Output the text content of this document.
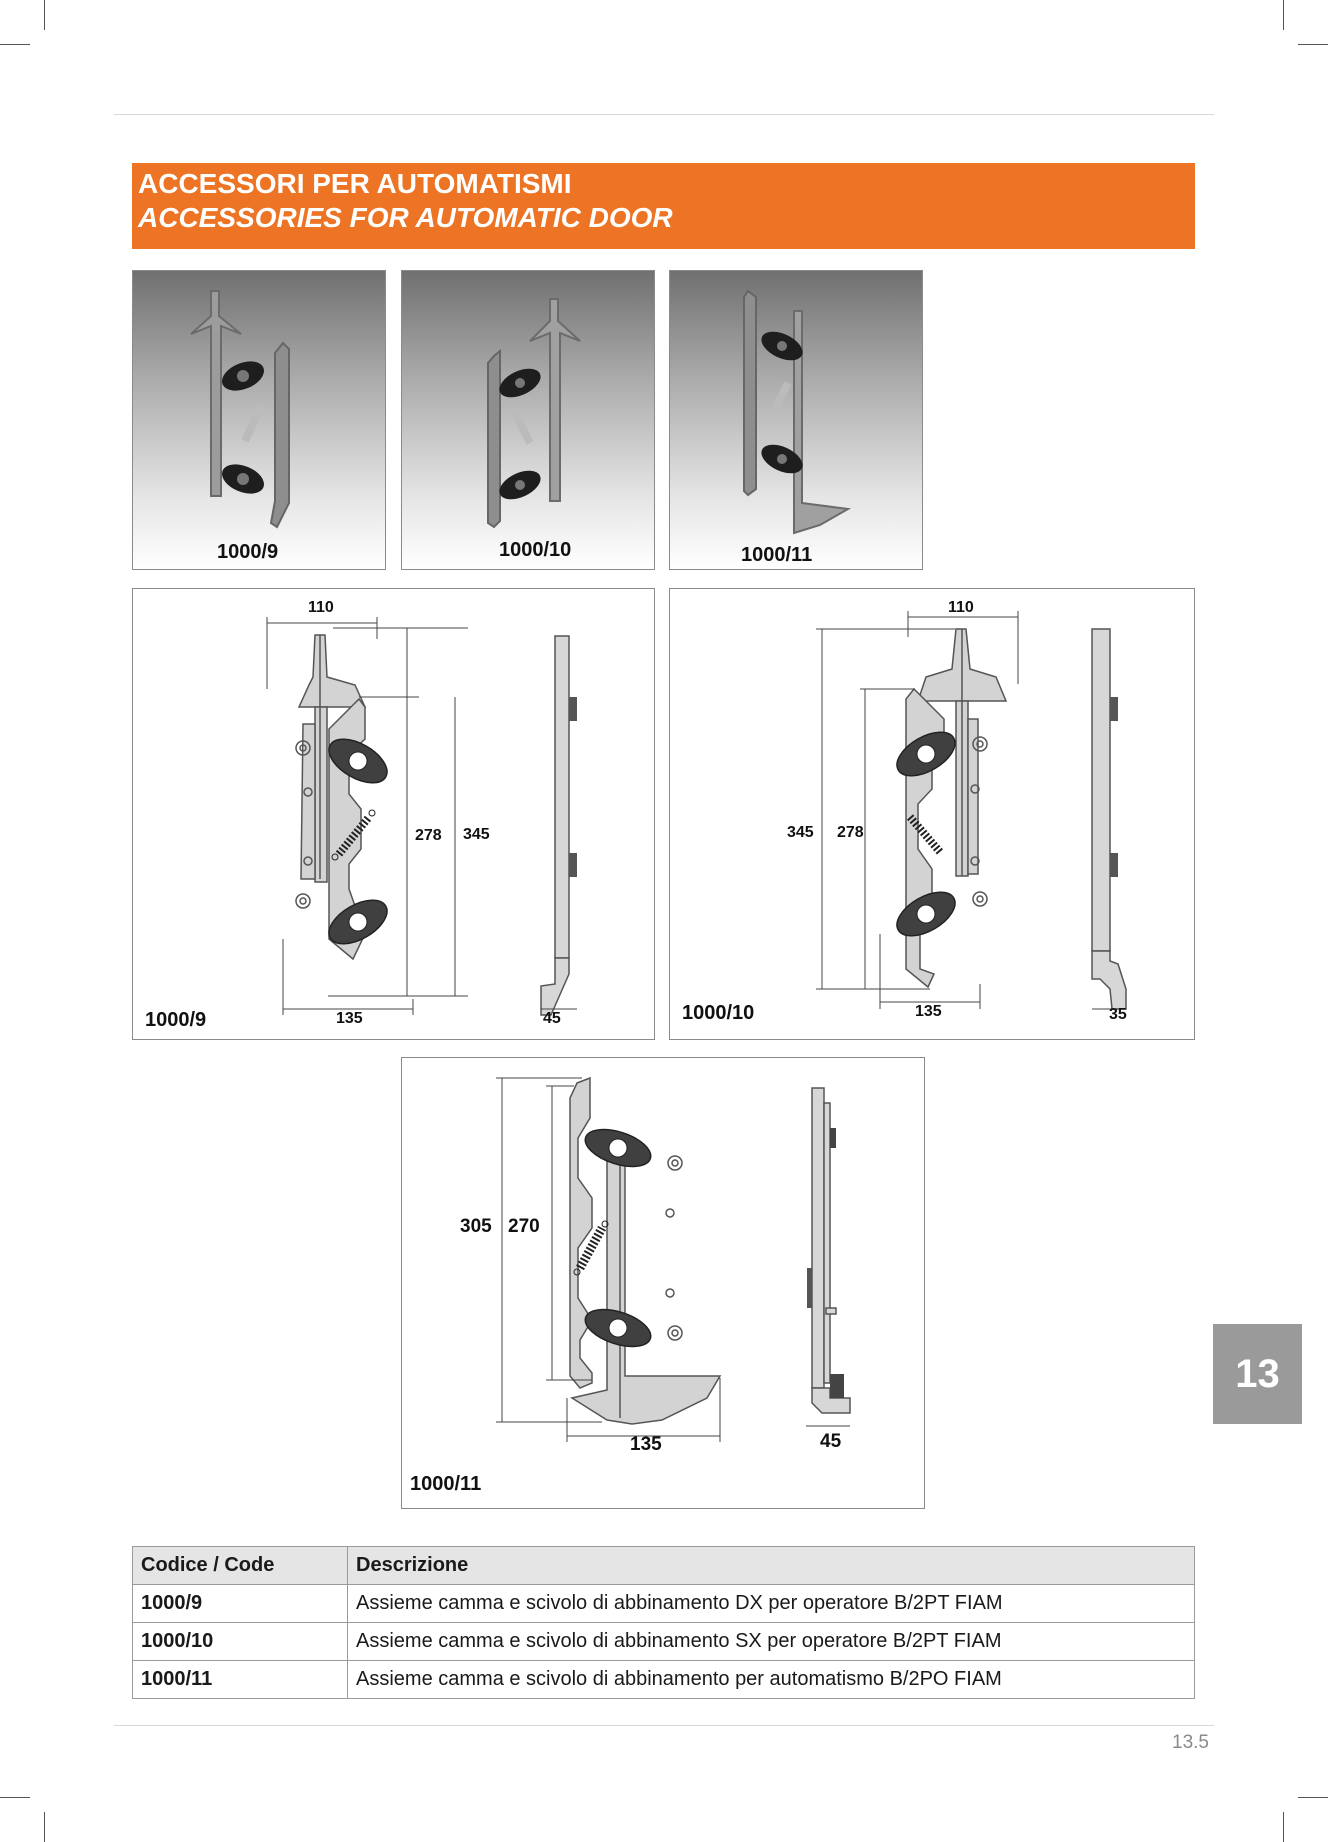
ACCESSORI PER AUTOMATISMI
ACCESSORIES FOR AUTOMATIC DOOR
1000/9	1000/10	1000/11
110
278 345
135	45
1000/9
110
345 278
135	35
1000/10
305 270
135	45
1000/11
13
Codice / Code	Descrizione
1000/9	Assieme camma e scivolo di abbinamento DX per operatore B/2PT FIAM
1000/10	Assieme camma e scivolo di abbinamento SX per operatore B/2PT FIAM
1000/11	Assieme camma e scivolo di abbinamento per automatismo B/2PO FIAM
13.5
